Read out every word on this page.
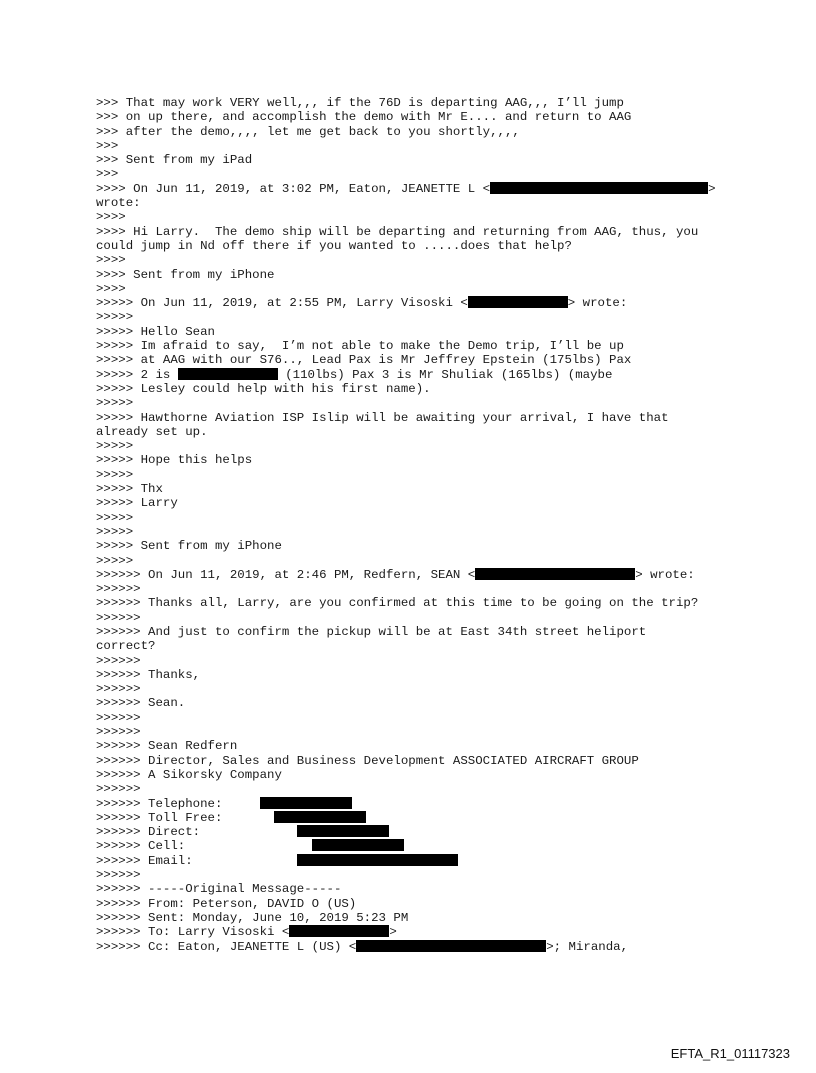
>>> That may work VERY well,,, if the 76D is departing AAG,,, I’ll jump
>>> on up there, and accomplish the demo with Mr E.... and return to AAG
>>> after the demo,,,, let me get back to you shortly,,,,
>>>
>>> Sent from my iPad
>>>
>>>> On Jun 11, 2019, at 3:02 PM, Eaton, JEANETTE L <	>
wrote:
>>>>
>>>> Hi Larry.  The demo ship will be departing and returning from AAG, thus, you
could jump in Nd off there if you wanted to .....does that help?
>>>>
>>>> Sent from my iPhone
>>>>
>>>>> On Jun 11, 2019, at 2:55 PM, Larry Visoski <	> wrote:
>>>>>
>>>>> Hello Sean
>>>>> Im afraid to say,  I’m not able to make the Demo trip, I’ll be up
>>>>> at AAG with our S76.., Lead Pax is Mr Jeffrey Epstein (175lbs) Pax
>>>>> 2 is	(110lbs) Pax 3 is Mr Shuliak (165lbs) (maybe
>>>>> Lesley could help with his first name).
>>>>>
>>>>> Hawthorne Aviation ISP Islip will be awaiting your arrival, I have that
already set up.
>>>>>
>>>>> Hope this helps
>>>>>
>>>>> Thx
>>>>> Larry
>>>>>
>>>>>
>>>>> Sent from my iPhone
>>>>>
>>>>>> On Jun 11, 2019, at 2:46 PM, Redfern, SEAN <	> wrote:
>>>>>>
>>>>>> Thanks all, Larry, are you confirmed at this time to be going on the trip?
>>>>>>
>>>>>> And just to confirm the pickup will be at East 34th street heliport
correct?
>>>>>>
>>>>>> Thanks,
>>>>>>
>>>>>> Sean.
>>>>>>
>>>>>>
>>>>>> Sean Redfern
>>>>>> Director, Sales and Business Development ASSOCIATED AIRCRAFT GROUP
>>>>>> A Sikorsky Company
>>>>>>
>>>>>> Telephone:
>>>>>> Toll Free:
>>>>>> Direct:
>>>>>> Cell:
>>>>>> Email:
>>>>>>
>>>>>> -----Original Message-----
>>>>>> From: Peterson, DAVID O (US)
>>>>>> Sent: Monday, June 10, 2019 5:23 PM
>>>>>> To: Larry Visoski <	>
>>>>>> Cc: Eaton, JEANETTE L (US) <	>; Miranda,
EFTA_R1_01117323
